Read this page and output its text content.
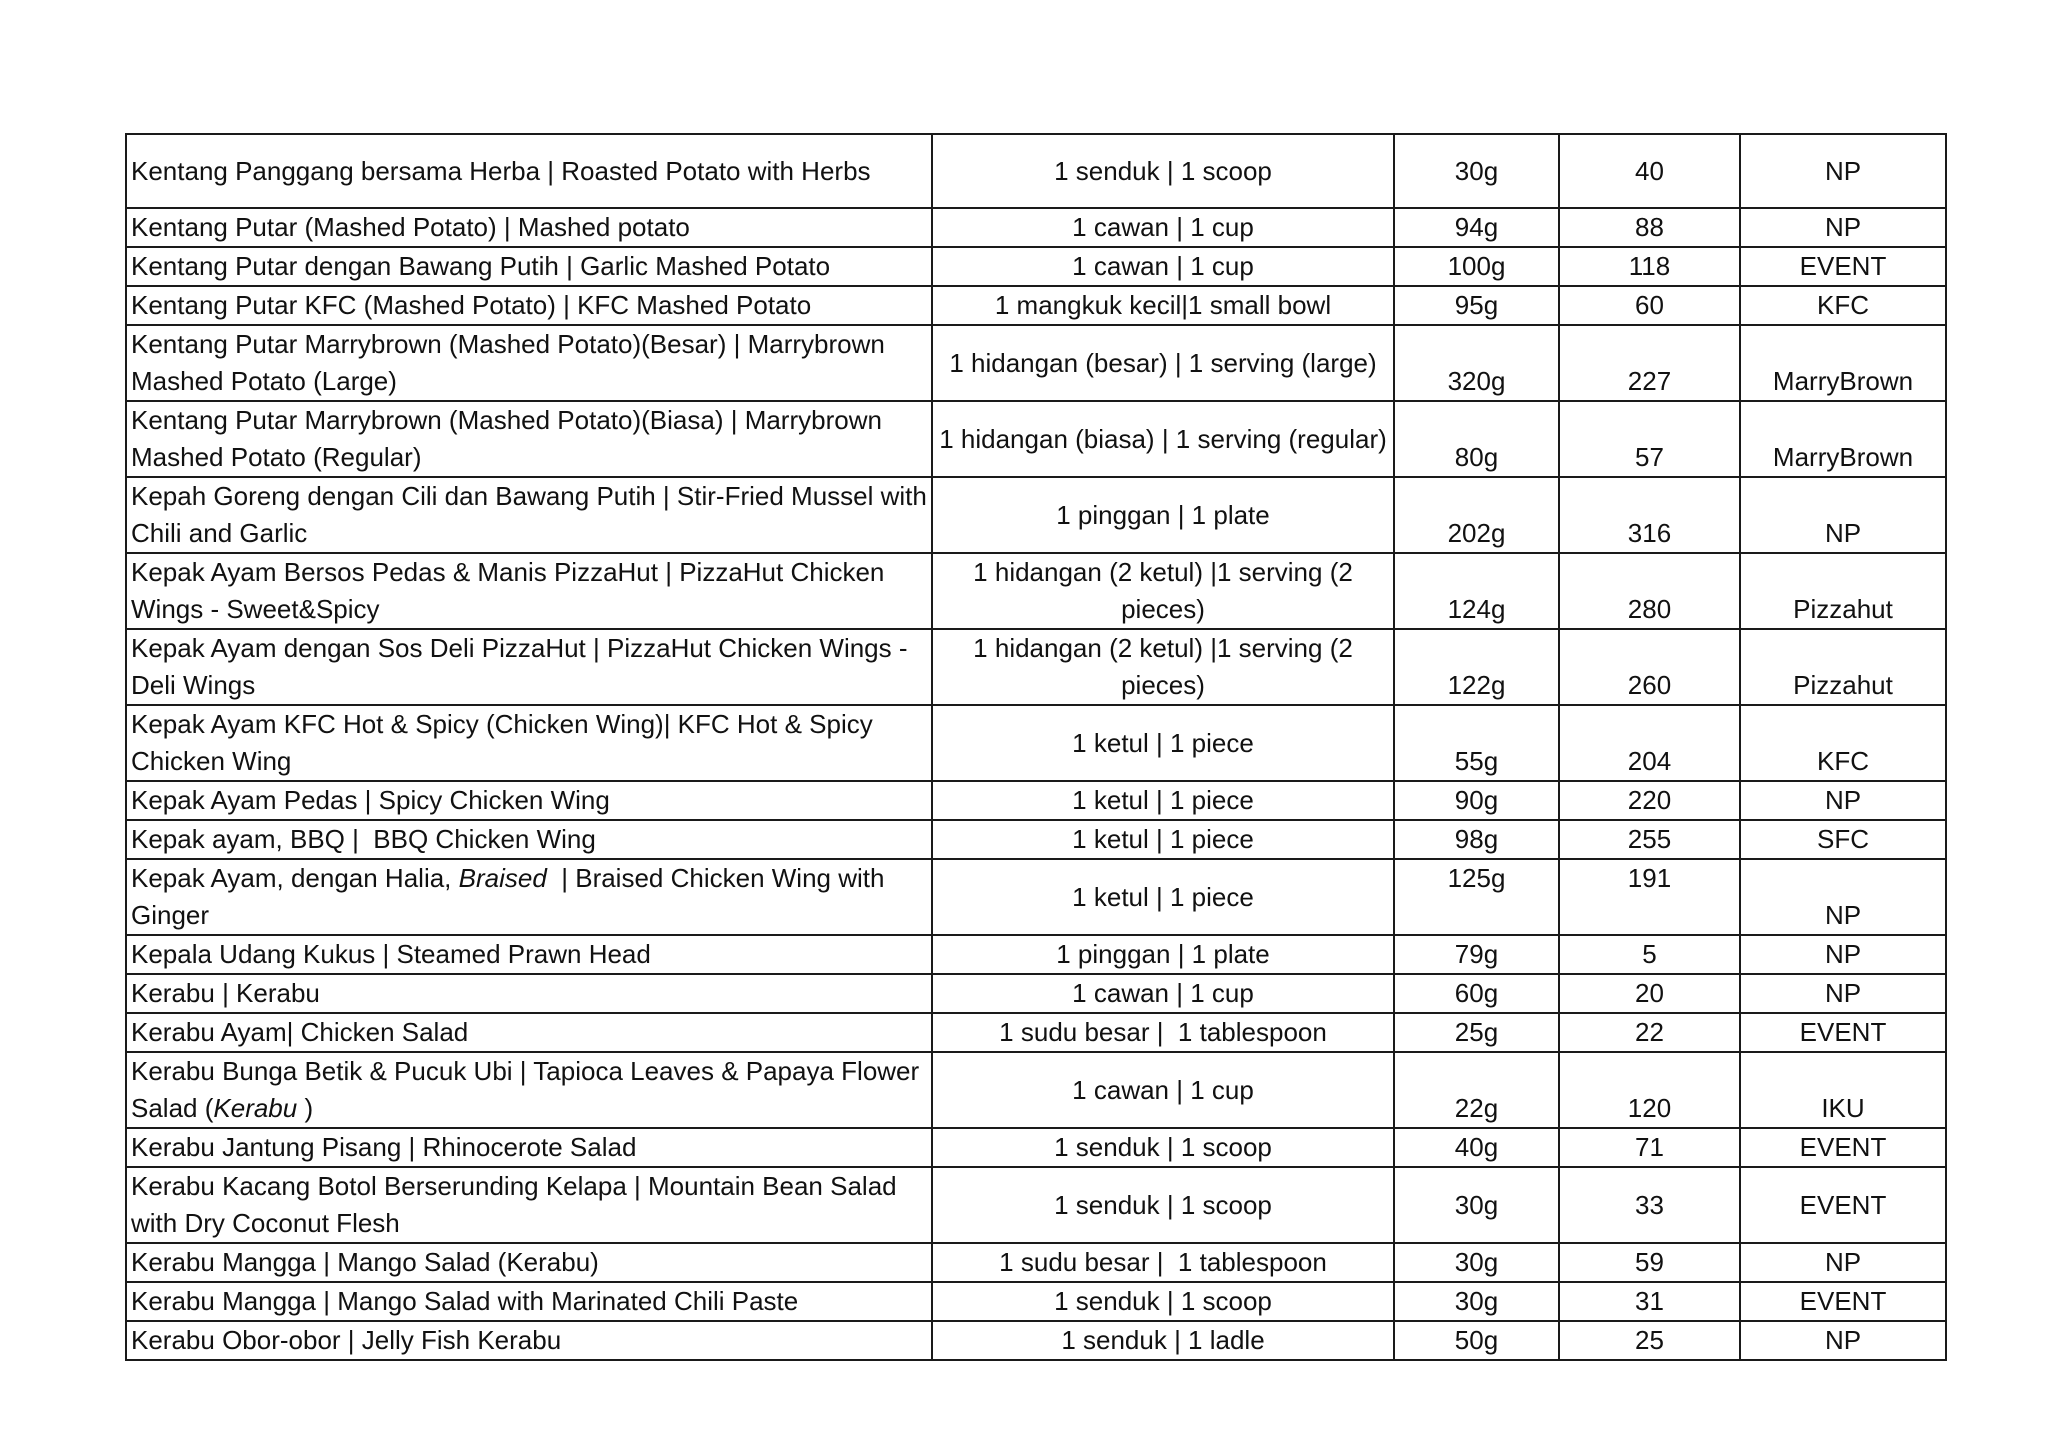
Kentang Panggang bersama Herba | Roasted Potato with Herbs	1 senduk | 1 scoop	30g	40	NP
Kentang Putar (Mashed Potato) | Mashed potato	1 cawan | 1 cup	94g	88	NP
Kentang Putar dengan Bawang Putih | Garlic Mashed Potato	1 cawan | 1 cup	100g	118	EVENT
Kentang Putar KFC (Mashed Potato) | KFC Mashed Potato	1 mangkuk kecil|1 small bowl	95g	60	KFC
Kentang Putar Marrybrown (Mashed Potato)(Besar) | Marrybrown Mashed Potato (Large)	1 hidangan (besar) | 1 serving (large)	320g	227	MarryBrown
Kentang Putar Marrybrown (Mashed Potato)(Biasa) | Marrybrown Mashed Potato (Regular)	1 hidangan (biasa) | 1 serving (regular)	80g	57	MarryBrown
Kepah Goreng dengan Cili dan Bawang Putih | Stir-Fried Mussel with Chili and Garlic	1 pinggan | 1 plate	202g	316	NP
Kepak Ayam Bersos Pedas & Manis PizzaHut | PizzaHut Chicken Wings - Sweet&Spicy	1 hidangan (2 ketul) |1 serving (2 pieces)	124g	280	Pizzahut
Kepak Ayam dengan Sos Deli PizzaHut | PizzaHut Chicken Wings - Deli Wings	1 hidangan (2 ketul) |1 serving (2 pieces)	122g	260	Pizzahut
Kepak Ayam KFC Hot & Spicy (Chicken Wing)| KFC Hot & Spicy Chicken Wing	1 ketul | 1 piece	55g	204	KFC
Kepak Ayam Pedas | Spicy Chicken Wing	1 ketul | 1 piece	90g	220	NP
Kepak ayam, BBQ |  BBQ Chicken Wing	1 ketul | 1 piece	98g	255	SFC
Kepak Ayam, dengan Halia, Braised  | Braised Chicken Wing with Ginger	1 ketul | 1 piece	125g	191	NP
Kepala Udang Kukus | Steamed Prawn Head	1 pinggan | 1 plate	79g	5	NP
Kerabu | Kerabu	1 cawan | 1 cup	60g	20	NP
Kerabu Ayam| Chicken Salad	1 sudu besar |  1 tablespoon	25g	22	EVENT
Kerabu Bunga Betik & Pucuk Ubi | Tapioca Leaves & Papaya Flower Salad (Kerabu )	1 cawan | 1 cup	22g	120	IKU
Kerabu Jantung Pisang | Rhinocerote Salad	1 senduk | 1 scoop	40g	71	EVENT
Kerabu Kacang Botol Berserunding Kelapa | Mountain Bean Salad with Dry Coconut Flesh	1 senduk | 1 scoop	30g	33	EVENT
Kerabu Mangga | Mango Salad (Kerabu)	1 sudu besar |  1 tablespoon	30g	59	NP
Kerabu Mangga | Mango Salad with Marinated Chili Paste	1 senduk | 1 scoop	30g	31	EVENT
Kerabu Obor-obor | Jelly Fish Kerabu	1 senduk | 1 ladle	50g	25	NP
